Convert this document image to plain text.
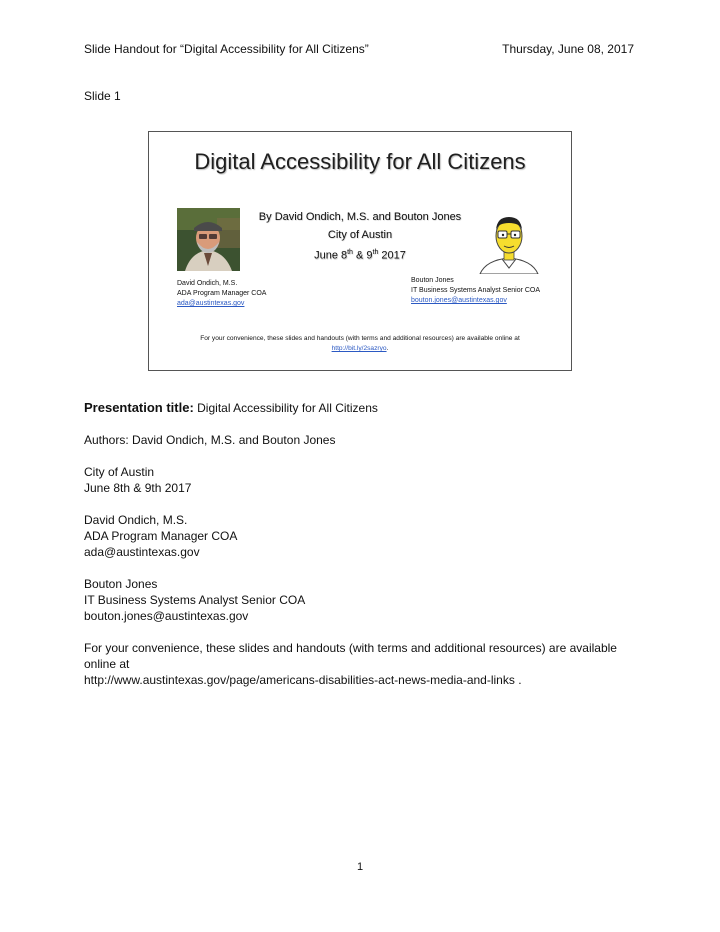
Slide Handout for “Digital Accessibility for All Citizens”	Thursday, June 08, 2017
Slide 1
Digital Accessibility for All Citizens
By David Ondich, M.S. and Bouton Jones
City of Austin
June 8th & 9th 2017
David Ondich, M.S.
ADA Program Manager COA
ada@austintexas.gov
Bouton Jones
IT Business Systems Analyst Senior COA
bouton.jones@austintexas.gov
For your convenience, these slides and handouts (with terms and additional resources) are available online at
http://bit.ly/2sazryo.

Presentation title: Digital Accessibility for All Citizens

Authors: David Ondich, M.S. and Bouton Jones

City of Austin

June 8th & 9th 2017

David Ondich, M.S.

ADA Program Manager COA

ada@austintexas.gov

Bouton Jones

IT Business Systems Analyst Senior COA

bouton.jones@austintexas.gov

For your convenience, these slides and handouts (with terms and additional resources) are available online at

http://www.austintexas.gov/page/americans-disabilities-act-news-media-and-links .

1
